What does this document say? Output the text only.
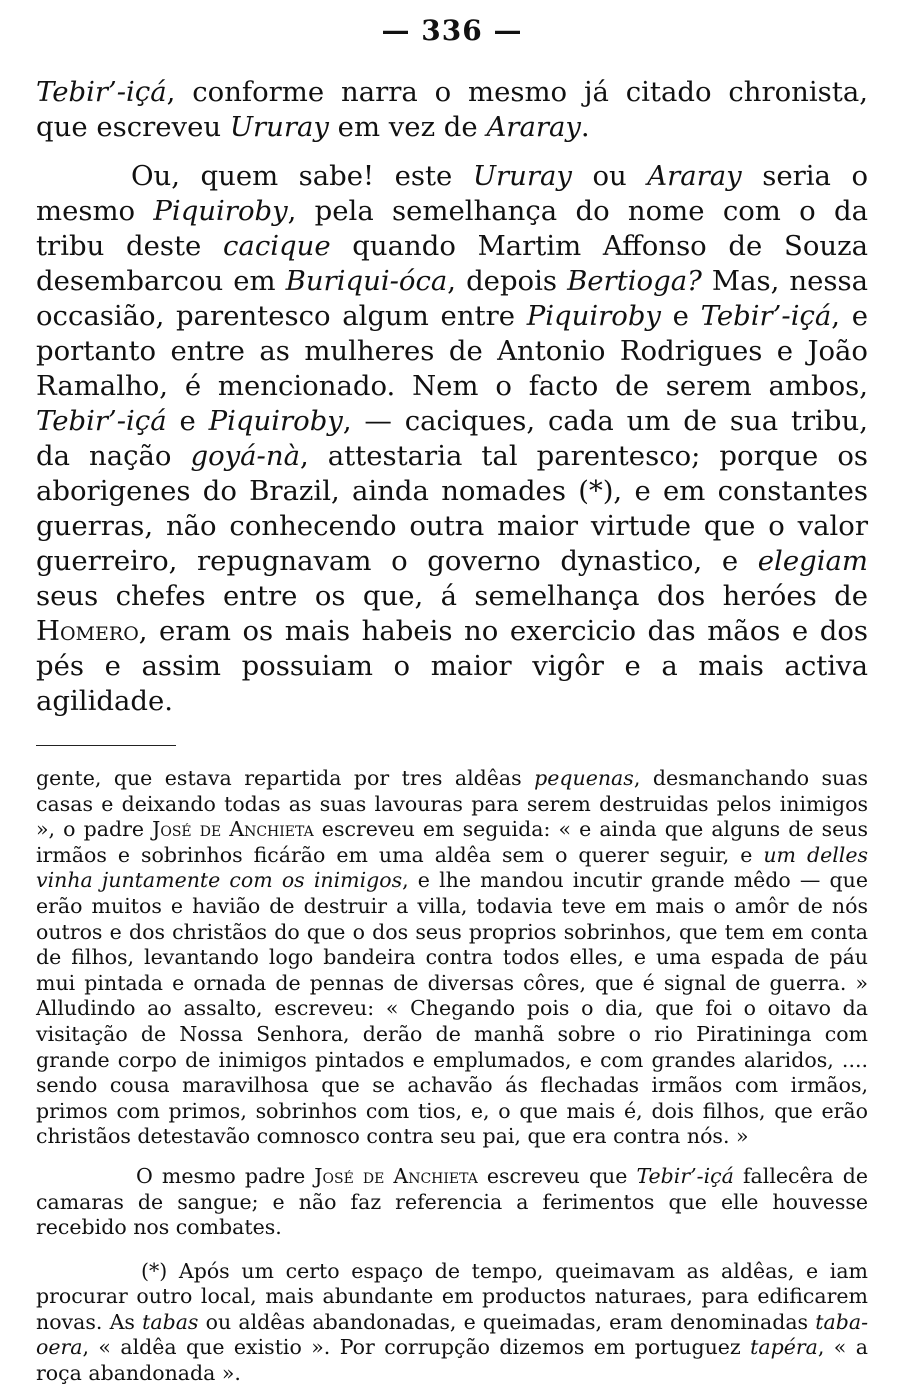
— 336 —

Tebir’-içá, conforme narra o mesmo já citado chronista, que escreveu Ururay em vez de Araray.

Ou, quem sabe! este Ururay ou Araray seria o mesmo Piquiroby, pela semelhança do nome com o da tribu deste cacique quando Martim Affonso de Souza desembarcou em Buriqui-óca, depois Bertioga? Mas, nessa occasião, parentesco algum entre Piquiroby e Tebir’-içá, e portanto entre as mulheres de Antonio Rodrigues e João Ramalho, é mencionado. Nem o facto de serem ambos, Tebir’-içá e Piquiroby, — caciques, cada um de sua tribu, da nação goyá-nà, attestaria tal parentesco; porque os aborigenes do Brazil, ainda nomades (*), e em constantes guerras, não conhecendo outra maior virtude que o valor guerreiro, repugnavam o governo dynastico, e elegiam seus chefes entre os que, á semelhança dos heróes de Homero, eram os mais habeis no exercicio das mãos e dos pés e assim possuiam o maior vigôr e a mais activa agilidade.

gente, que estava repartida por tres aldêas pequenas, desmanchando suas casas e deixando todas as suas lavouras para serem destruidas pelos inimigos », o padre José de Anchieta escreveu em seguida: « e ainda que alguns de seus irmãos e sobrinhos ficárão em uma aldêa sem o querer seguir, e um delles vinha juntamente com os inimigos, e lhe mandou incutir grande mêdo — que erão muitos e havião de destruir a villa, todavia teve em mais o amôr de nós outros e dos christãos do que o dos seus proprios sobrinhos, que tem em conta de filhos, levantando logo bandeira contra todos elles, e uma espada de páu mui pintada e ornada de pennas de diversas côres, que é signal de guerra. » Alludindo ao assalto, escreveu: « Chegando pois o dia, que foi o oitavo da visitação de Nossa Senhora, derão de manhã sobre o rio Piratininga com grande corpo de inimigos pintados e emplumados, e com grandes alaridos, .... sendo cousa maravilhosa que se achavão ás flechadas irmãos com irmãos, primos com primos, sobrinhos com tios, e, o que mais é, dois filhos, que erão christãos detestavão comnosco contra seu pai, que era contra nós. »

O mesmo padre José de Anchieta escreveu que Tebir’-içá fallecêra de camaras de sangue; e não faz referencia a ferimentos que elle houvesse recebido nos combates.

(*) Após um certo espaço de tempo, queimavam as aldêas, e iam procurar outro local, mais abundante em productos naturaes, para edificarem novas. As tabas ou aldêas abandonadas, e queimadas, eram denominadas taba-oera, « aldêa que existio ». Por corrupção dizemos em portuguez tapéra, « a roça abandonada ».
